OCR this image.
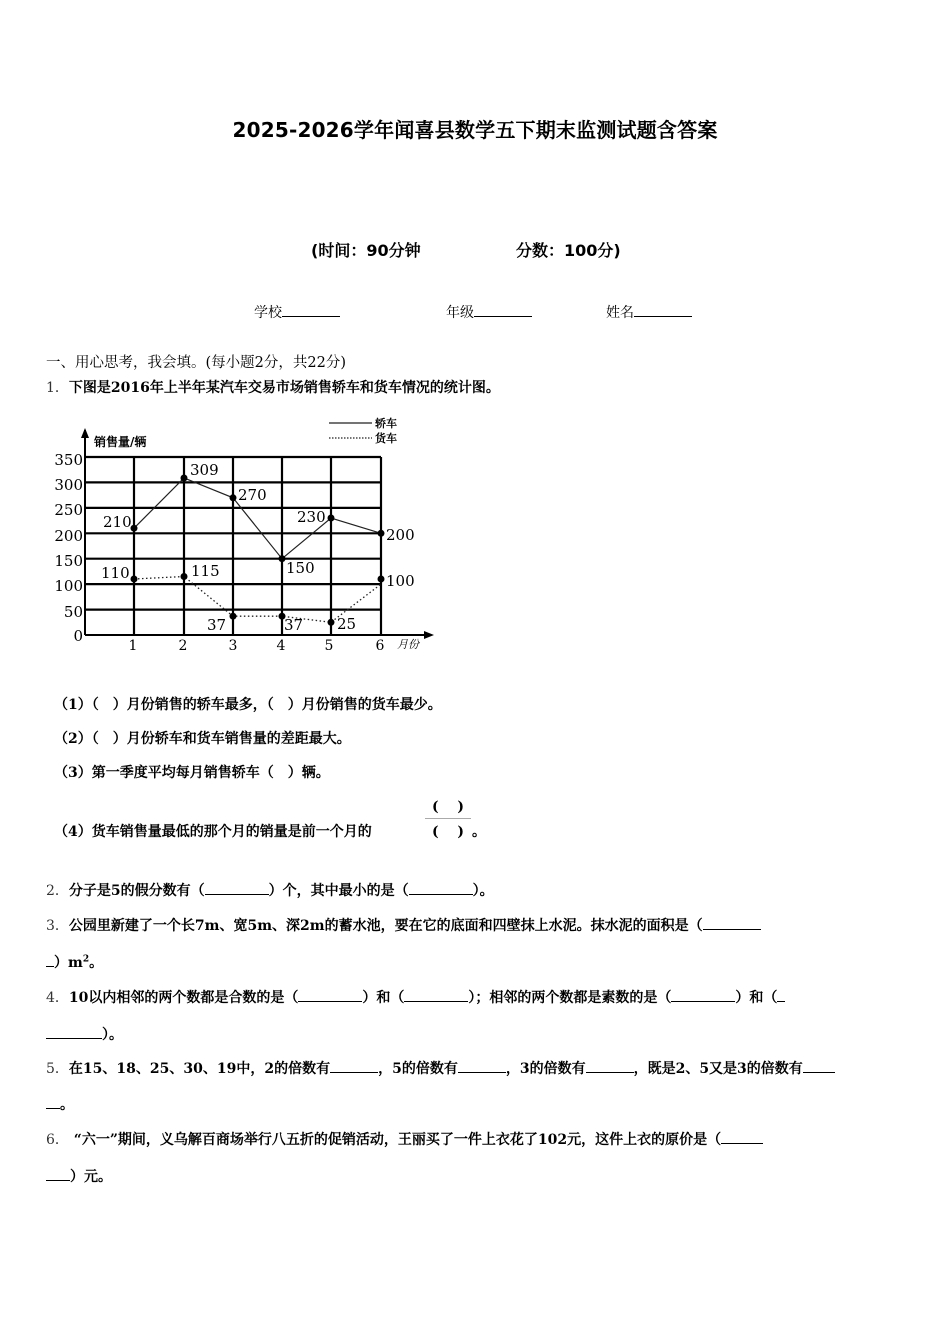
2025-2026学年闻喜县数学五下期末监测试题含答案
(时间：90分钟	分数：100分)
学校	年级	姓名
一、用心思考，我会填。(每小题2分，共22分)
1．下图是2016年上半年某汽车交易市场销售轿车和货车情况的统计图。
轿车
货车
销售量/辆
月份
350
300
250
200
150
100
50
0
1	2	3	4	5	6
210
309
270
150
230
200
110	115
37	37 25
100
（1）（　）月份销售的轿车最多，（　）月份销售的货车最少。
（2）（　）月份轿车和货车销售量的差距最大。
（3）第一季度平均每月销售轿车（　）辆。
（4）货车销售量最低的那个月的销量是前一个月的
(　 )
(　 ) 。
2．分子是5的假分数有（	）个，其中最小的是（	）。
3．公园里新建了一个长7m、宽5m、深2m的蓄水池，要在它的底面和四壁抹上水泥。抹水泥的面积是（
）$m^2$。
4．10以内相邻的两个数都是合数的是（	）和（	）；相邻的两个数都是素数的是（	）和（
）。
5．在15、18、25、30、19中，2的倍数有	，5的倍数有	，3的倍数有	，既是2、5又是3的倍数有
。
6． “六一”期间，义乌解百商场举行八五折的促销活动，王丽买了一件上衣花了102元，这件上衣的原价是（
）元。
